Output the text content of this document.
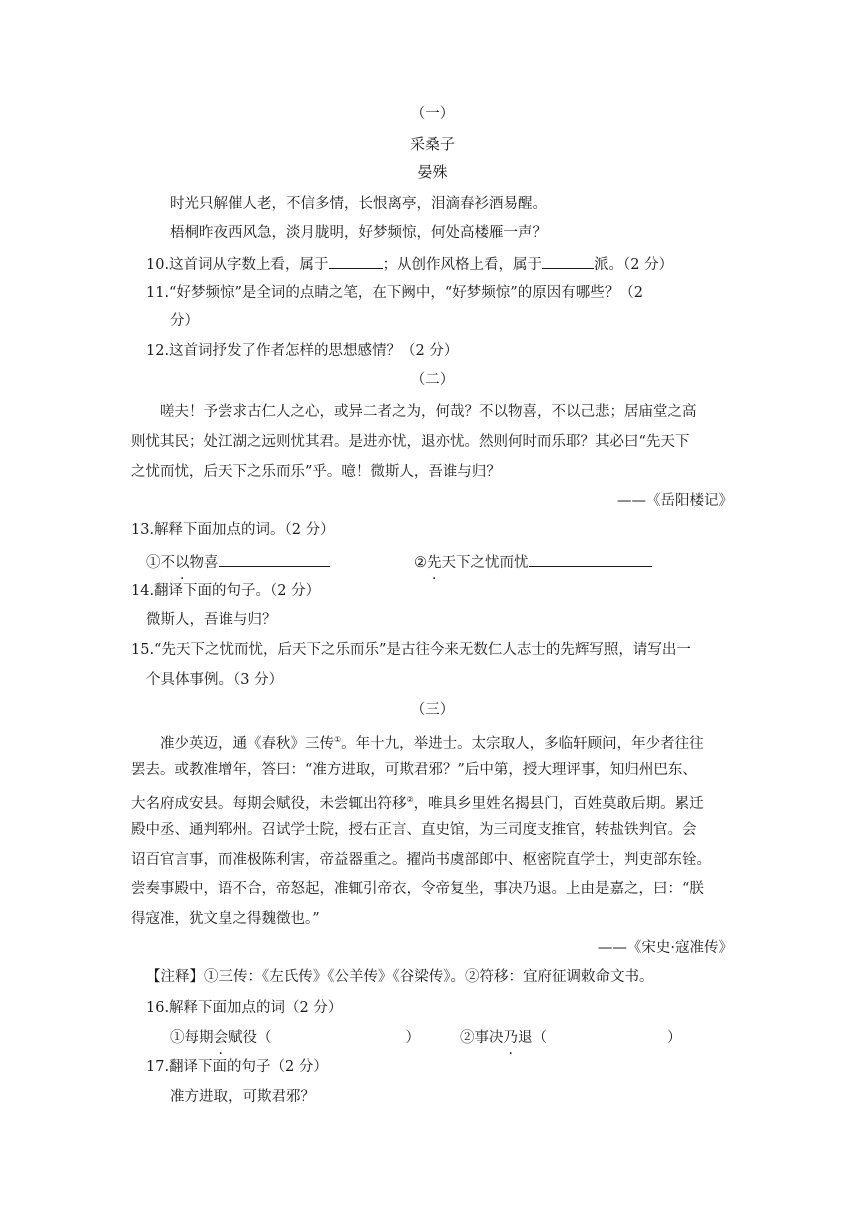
（一）
采桑子
晏殊
时光只解催人老，不信多情，长恨离亭，泪滴春衫酒易醒。
梧桐昨夜西风急，淡月胧明，好梦频惊，何处高楼雁一声？
10.这首词从字数上看，属于	；从创作风格上看，属于	派。（2 分）
11.“好梦频惊”是全词的点睛之笔，在下阙中，“好梦频惊”的原因有哪些？（2
分）
12.这首词抒发了作者怎样的思想感情？（2 分）
（二）
嗟夫！予尝求古仁人之心，或异二者之为，何哉？不以物喜，不以己悲；居庙堂之高
则忧其民；处江湖之远则忧其君。是进亦忧，退亦忧。然则何时而乐耶？其必曰“先天下
之忧而忧，后天下之乐而乐”乎。噫！微斯人，吾谁与归？
——《岳阳楼记》
13.解释下面加点的词。（2 分）
①不以物喜	②先天下之忧而忧
14.翻译下面的句子。（2 分）
微斯人，吾谁与归？
15.“先天下之忧而忧，后天下之乐而乐”是古往今来无数仁人志士的先辉写照，请写出一
个具体事例。（3 分）
（三）
准少英迈，通《春秋》三传①。年十九，举进士。太宗取人，多临轩顾问，年少者往往
罢去。或教准增年，答曰：“准方进取，可欺君邪？”后中第，授大理评事，知归州巴东、
大名府成安县。每期会赋役，未尝辄出符移②，唯具乡里姓名揭县门，百姓莫敢后期。累迁
殿中丞、通判郓州。召试学士院，授右正言、直史馆，为三司度支推官，转盐铁判官。会
诏百官言事，而准极陈利害，帝益器重之。擢尚书虞部郎中、枢密院直学士，判吏部东铨。
尝奏事殿中，语不合，帝怒起，准辄引帝衣，令帝复坐，事决乃退。上由是嘉之，曰：“朕
得寇准，犹文皇之得魏徵也。”
——《宋史·寇准传》
【注释】①三传：《左氏传》《公羊传》《谷梁传》。②符移：宜府征调敕命文书。
16.解释下面加点的词（2 分）
①每期会赋役（	）	②事决乃退（	）
17.翻译下面的句子（2 分）
准方进取，可欺君邪？
